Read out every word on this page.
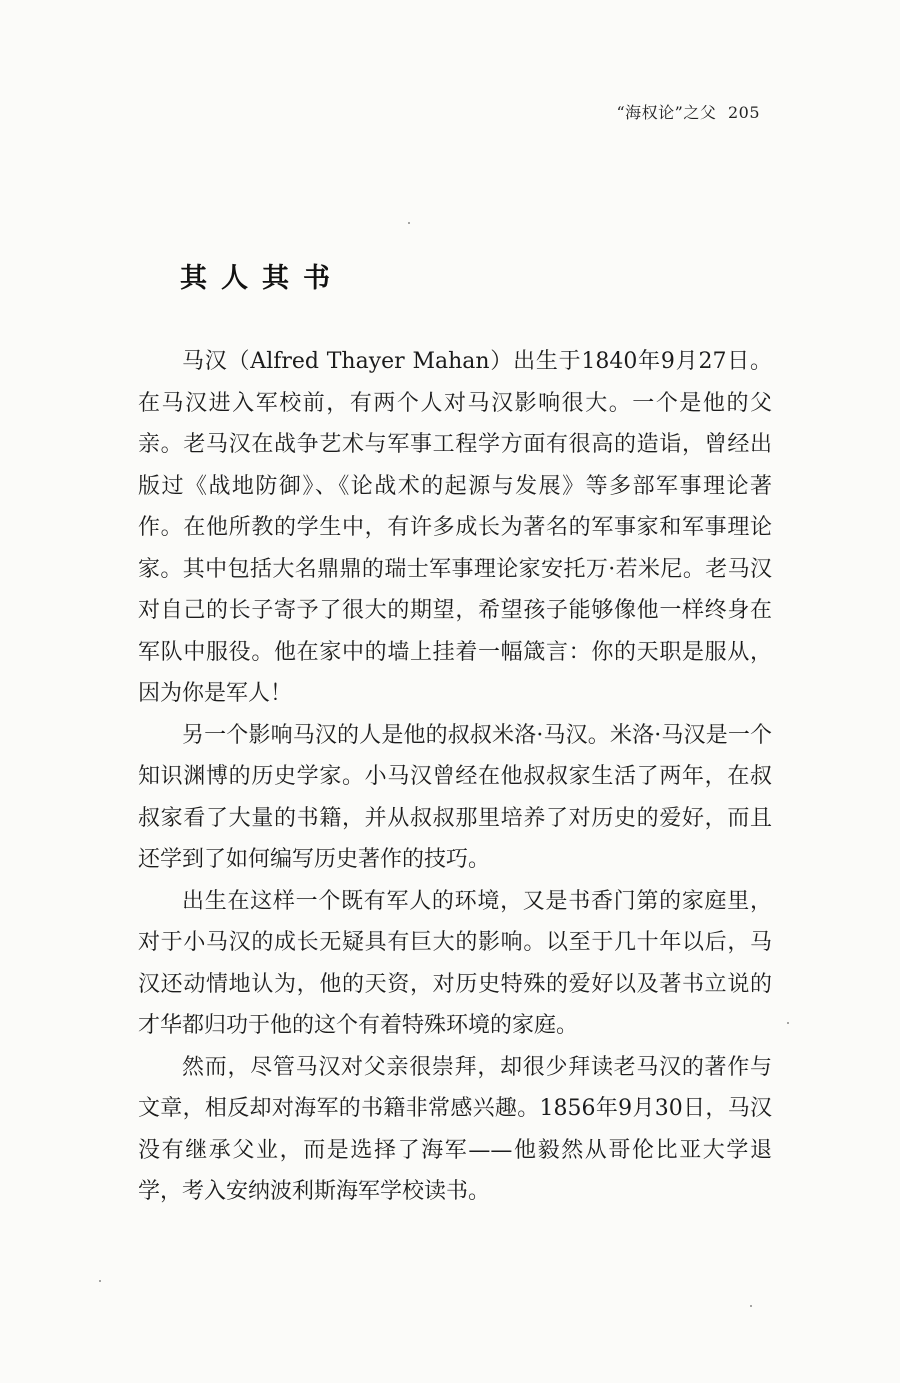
“海权论”之父 205
其人其书

马汉（Alfred Thayer Mahan）出生于1840年9月27日。在马汉进入军校前，有两个人对马汉影响很大。一个是他的父亲。老马汉在战争艺术与军事工程学方面有很高的造诣，曾经出版过《战地防御》、《论战术的起源与发展》等多部军事理论著作。在他所教的学生中，有许多成长为著名的军事家和军事理论家。其中包括大名鼎鼎的瑞士军事理论家安托万·若米尼。老马汉对自己的长子寄予了很大的期望，希望孩子能够像他一样终身在军队中服役。他在家中的墙上挂着一幅箴言：你的天职是服从，因为你是军人！

另一个影响马汉的人是他的叔叔米洛·马汉。米洛·马汉是一个知识渊博的历史学家。小马汉曾经在他叔叔家生活了两年，在叔叔家看了大量的书籍，并从叔叔那里培养了对历史的爱好，而且还学到了如何编写历史著作的技巧。

出生在这样一个既有军人的环境，又是书香门第的家庭里，对于小马汉的成长无疑具有巨大的影响。以至于几十年以后，马汉还动情地认为，他的天资，对历史特殊的爱好以及著书立说的才华都归功于他的这个有着特殊环境的家庭。

然而，尽管马汉对父亲很崇拜，却很少拜读老马汉的著作与文章，相反却对海军的书籍非常感兴趣。1856年9月30日，马汉没有继承父业，而是选择了海军——他毅然从哥伦比亚大学退学，考入安纳波利斯海军学校读书。
